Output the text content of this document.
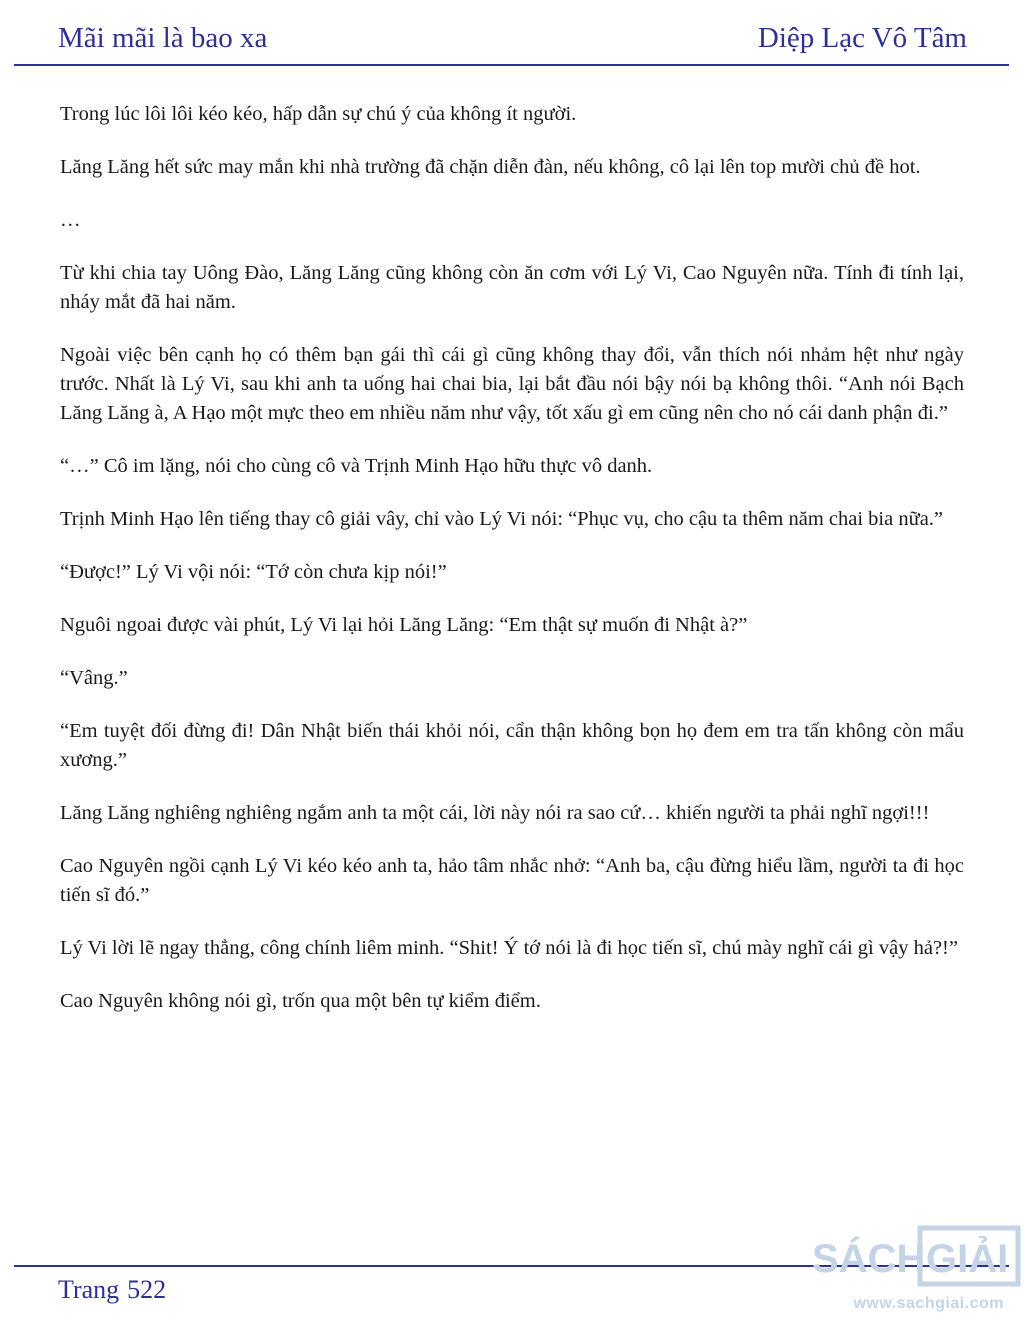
Mãi mãi là bao xa	Diệp Lạc Vô Tâm

Trong lúc lôi lôi kéo kéo, hấp dẫn sự chú ý của không ít người.

Lăng Lăng hết sức may mắn khi nhà trường đã chặn diễn đàn, nếu không, cô lại lên top mười chủ đề hot.

…

Từ khi chia tay Uông Đào, Lăng Lăng cũng không còn ăn cơm với Lý Vi, Cao Nguyên nữa. Tính đi tính lại, nháy mắt đã hai năm.

Ngoài việc bên cạnh họ có thêm bạn gái thì cái gì cũng không thay đổi, vẫn thích nói nhảm hệt như ngày trước. Nhất là Lý Vi, sau khi anh ta uống hai chai bia, lại bắt đầu nói bậy nói bạ không thôi. “Anh nói Bạch Lăng Lăng à, A Hạo một mực theo em nhiều năm như vậy, tốt xấu gì em cũng nên cho nó cái danh phận đi.”

“…” Cô im lặng, nói cho cùng cô và Trịnh Minh Hạo hữu thực vô danh.

Trịnh Minh Hạo lên tiếng thay cô giải vây, chỉ vào Lý Vi nói: “Phục vụ, cho cậu ta thêm năm chai bia nữa.”

“Được!” Lý Vi vội nói: “Tớ còn chưa kịp nói!”

Nguôi ngoai được vài phút, Lý Vi lại hỏi Lăng Lăng: “Em thật sự muốn đi Nhật à?”

“Vâng.”

“Em tuyệt đối đừng đi! Dân Nhật biến thái khỏi nói, cẩn thận không bọn họ đem em tra tấn không còn mẩu xương.”

Lăng Lăng nghiêng nghiêng ngắm anh ta một cái, lời này nói ra sao cứ… khiến người ta phải nghĩ ngợi!!!

Cao Nguyên ngồi cạnh Lý Vi kéo kéo anh ta, hảo tâm nhắc nhở: “Anh ba, cậu đừng hiểu lầm, người ta đi học tiến sĩ đó.”

Lý Vi lời lẽ ngay thẳng, công chính liêm minh. “Shit! Ý tớ nói là đi học tiến sĩ, chú mày nghĩ cái gì vậy hả?!”

Cao Nguyên không nói gì, trốn qua một bên tự kiểm điểm.

Trang 522
SÁCH GIẢI
www.sachgiai.com
